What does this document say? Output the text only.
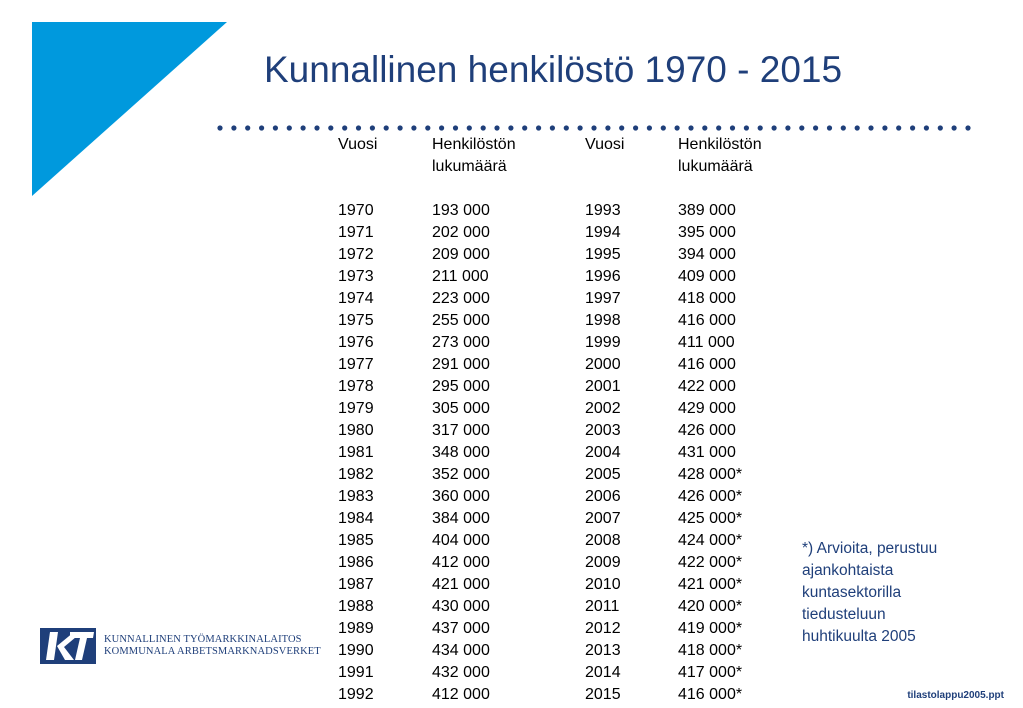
Kunnallinen henkilöstö 1970 - 2015
Vuosi
1970
1971
1972
1973
1974
1975
1976
1977
1978
1979
1980
1981
1982
1983
1984
1985
1986
1987
1988
1989
1990
1991
1992
Henkilöstön
lukumäärä
193 000
202 000
209 000
211 000
223 000
255 000
273 000
291 000
295 000
305 000
317 000
348 000
352 000
360 000
384 000
404 000
412 000
421 000
430 000
437 000
434 000
432 000
412 000
Vuosi
1993
1994
1995
1996
1997
1998
1999
2000
2001
2002
2003
2004
2005
2006
2007
2008
2009
2010
2011
2012
2013
2014
2015
Henkilöstön
lukumäärä
389 000
395 000
394 000
409 000
418 000
416 000
411 000
416 000
422 000
429 000
426 000
431 000
428 000*
426 000*
425 000*
424 000*
422 000*
421 000*
420 000*
419 000*
418 000*
417 000*
416 000*
*) Arvioita, perustuu
ajankohtaista
kuntasektorilla
tiedusteluun
huhtikuulta 2005
KUNNALLINEN TYÖMARKKINALAITOS
KOMMUNALA ARBETSMARKNADSVERKET
tilastolappu2005.ppt
